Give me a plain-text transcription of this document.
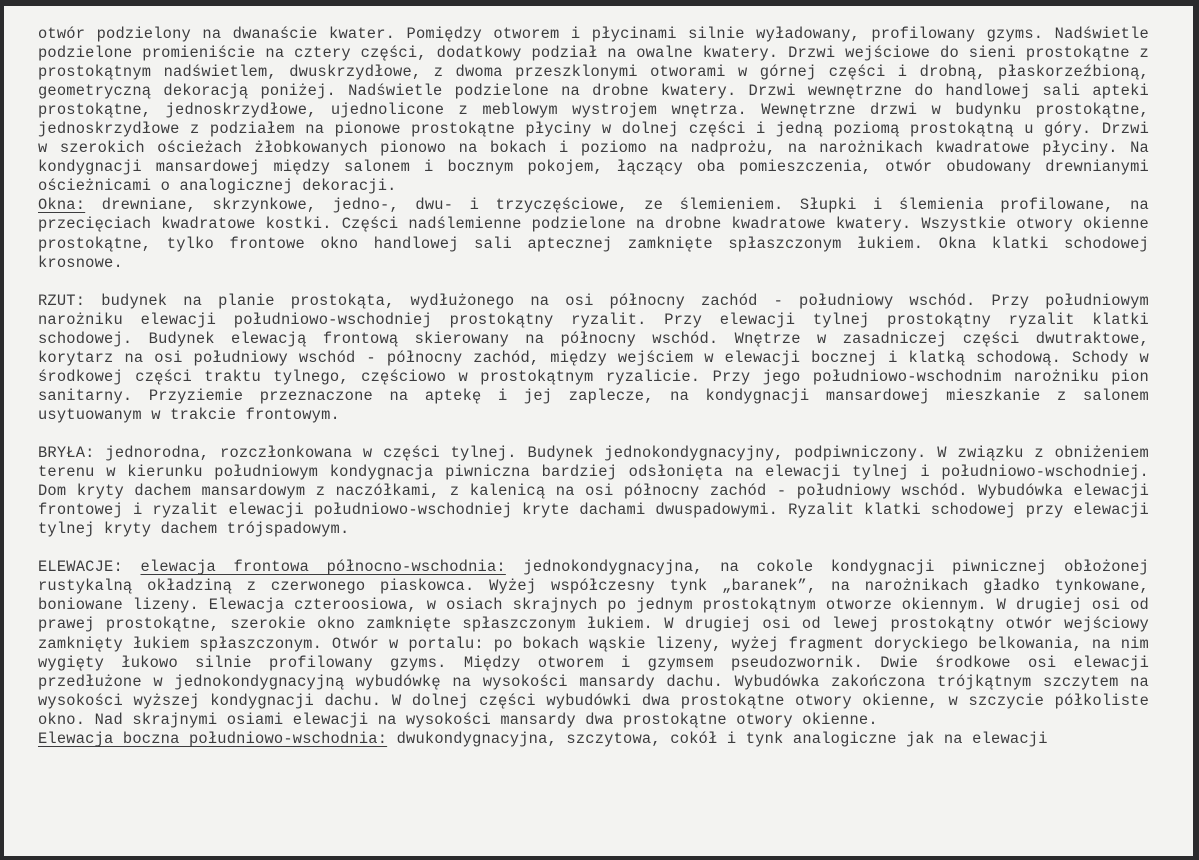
otwór podzielony na dwanaście kwater. Pomiędzy otworem i płycinami silnie wyładowany, profilowany gzyms. Nadświetle podzielone promieniście na cztery części, dodatkowy podział na owalne kwatery. Drzwi wejściowe do sieni prostokątne z prostokątnym nadświetlem, dwuskrzydłowe, z dwoma przeszklonymi otworami w górnej części i drobną, płaskorzeźbioną, geometryczną dekoracją poniżej. Nadświetle podzielone na drobne kwatery. Drzwi wewnętrzne do handlowej sali apteki prostokątne, jednoskrzydłowe, ujednolicone z meblowym wystrojem wnętrza. Wewnętrzne drzwi w budynku prostokątne, jednoskrzydłowe z podziałem na pionowe prostokątne płyciny w dolnej części i jedną poziomą prostokątną u góry. Drzwi w szerokich ościeżach żłobkowanych pionowo na bokach i poziomo na nadprożu, na narożnikach kwadratowe płyciny. Na kondygnacji mansardowej między salonem i bocznym pokojem, łączący oba pomieszczenia, otwór obudowany drewnianymi ościeżnicami o analogicznej dekoracji.

Okna: drewniane, skrzynkowe, jedno-, dwu- i trzyczęściowe, ze ślemieniem. Słupki i ślemienia profilowane, na przecięciach kwadratowe kostki. Części nadślemienne podzielone na drobne kwadratowe kwatery. Wszystkie otwory okienne prostokątne, tylko frontowe okno handlowej sali aptecznej zamknięte spłaszczonym łukiem. Okna klatki schodowej krosnowe.

RZUT: budynek na planie prostokąta, wydłużonego na osi północny zachód - południowy wschód. Przy południowym narożniku elewacji południowo-wschodniej prostokątny ryzalit. Przy elewacji tylnej prostokątny ryzalit klatki schodowej. Budynek elewacją frontową skierowany na północny wschód. Wnętrze w zasadniczej części dwutraktowe, korytarz na osi południowy wschód - północny zachód, między wejściem w elewacji bocznej i klatką schodową. Schody w środkowej części traktu tylnego, częściowo w prostokątnym ryzalicie. Przy jego południowo-wschodnim narożniku pion sanitarny. Przyziemie przeznaczone na aptekę i jej zaplecze, na kondygnacji mansardowej mieszkanie z salonem usytuowanym w trakcie frontowym.

BRYŁA: jednorodna, rozczłonkowana w części tylnej. Budynek jednokondygnacyjny, podpiwniczony. W związku z obniżeniem terenu w kierunku południowym kondygnacja piwniczna bardziej odsłonięta na elewacji tylnej i południowo-wschodniej. Dom kryty dachem mansardowym z naczółkami, z kalenicą na osi północny zachód - południowy wschód. Wybudówka elewacji frontowej i ryzalit elewacji południowo-wschodniej kryte dachami dwuspadowymi. Ryzalit klatki schodowej przy elewacji tylnej kryty dachem trójspadowym.

ELEWACJE: elewacja frontowa północno-wschodnia: jednokondygnacyjna, na cokole kondygnacji piwnicznej obłożonej rustykalną okładziną z czerwonego piaskowca. Wyżej współczesny tynk „baranek”, na narożnikach gładko tynkowane, boniowane lizeny. Elewacja czteroosiowa, w osiach skrajnych po jednym prostokątnym otworze okiennym. W drugiej osi od prawej prostokątne, szerokie okno zamknięte spłaszczonym łukiem. W drugiej osi od lewej prostokątny otwór wejściowy zamknięty łukiem spłaszczonym. Otwór w portalu: po bokach wąskie lizeny, wyżej fragment doryckiego belkowania, na nim wygięty łukowo silnie profilowany gzyms. Między otworem i gzymsem pseudozwornik. Dwie środkowe osi elewacji przedłużone w jednokondygnacyjną wybudówkę na wysokości mansardy dachu. Wybudówka zakończona trójkątnym szczytem na wysokości wyższej kondygnacji dachu. W dolnej części wybudówki dwa prostokątne otwory okienne, w szczycie półkoliste okno. Nad skrajnymi osiami elewacji na wysokości mansardy dwa prostokątne otwory okienne.

Elewacja boczna południowo-wschodnia: dwukondygnacyjna, szczytowa, cokół i tynk analogiczne jak na elewacji
